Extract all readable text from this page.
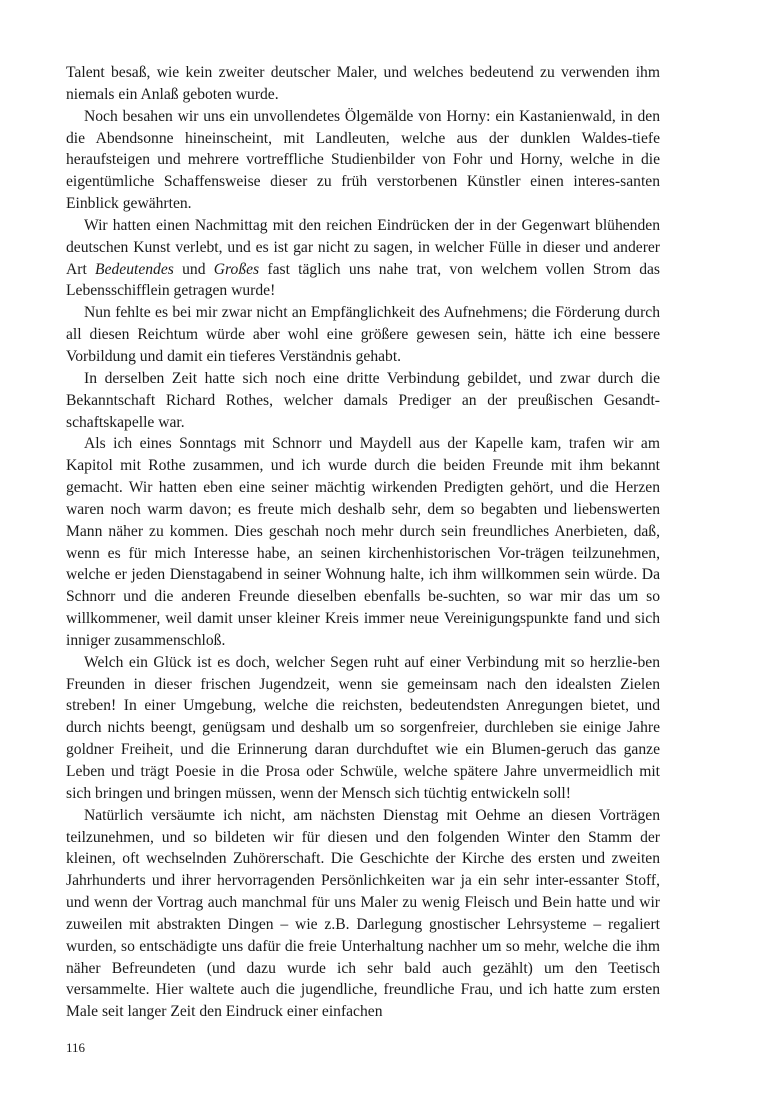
Talent besaß, wie kein zweiter deutscher Maler, und welches bedeutend zu verwenden ihm niemals ein Anlaß geboten wurde.

Noch besahen wir uns ein unvollendetes Ölgemälde von Horny: ein Kastanienwald, in den die Abendsonne hineinscheint, mit Landleuten, welche aus der dunklen Waldes-tiefe heraufsteigen und mehrere vortreffliche Studienbilder von Fohr und Horny, welche in die eigentümliche Schaffensweise dieser zu früh verstorbenen Künstler einen interes-santen Einblick gewährten.

Wir hatten einen Nachmittag mit den reichen Eindrücken der in der Gegenwart blühenden deutschen Kunst verlebt, und es ist gar nicht zu sagen, in welcher Fülle in dieser und anderer Art Bedeutendes und Großes fast täglich uns nahe trat, von welchem vollen Strom das Lebensschifflein getragen wurde!

Nun fehlte es bei mir zwar nicht an Empfänglichkeit des Aufnehmens; die Förderung durch all diesen Reichtum würde aber wohl eine größere gewesen sein, hätte ich eine bessere Vorbildung und damit ein tieferes Verständnis gehabt.

In derselben Zeit hatte sich noch eine dritte Verbindung gebildet, und zwar durch die Bekanntschaft Richard Rothes, welcher damals Prediger an der preußischen Gesandt-schaftskapelle war.

Als ich eines Sonntags mit Schnorr und Maydell aus der Kapelle kam, trafen wir am Kapitol mit Rothe zusammen, und ich wurde durch die beiden Freunde mit ihm bekannt gemacht. Wir hatten eben eine seiner mächtig wirkenden Predigten gehört, und die Herzen waren noch warm davon; es freute mich deshalb sehr, dem so begabten und liebenswerten Mann näher zu kommen. Dies geschah noch mehr durch sein freundliches Anerbieten, daß, wenn es für mich Interesse habe, an seinen kirchenhistorischen Vor-trägen teilzunehmen, welche er jeden Dienstagabend in seiner Wohnung halte, ich ihm willkommen sein würde. Da Schnorr und die anderen Freunde dieselben ebenfalls be-suchten, so war mir das um so willkommener, weil damit unser kleiner Kreis immer neue Vereinigungspunkte fand und sich inniger zusammenschloß.

Welch ein Glück ist es doch, welcher Segen ruht auf einer Verbindung mit so herzlie-ben Freunden in dieser frischen Jugendzeit, wenn sie gemeinsam nach den idealsten Zielen streben! In einer Umgebung, welche die reichsten, bedeutendsten Anregungen bietet, und durch nichts beengt, genügsam und deshalb um so sorgenfreier, durchleben sie einige Jahre goldner Freiheit, und die Erinnerung daran durchduftet wie ein Blumen-geruch das ganze Leben und trägt Poesie in die Prosa oder Schwüle, welche spätere Jahre unvermeidlich mit sich bringen und bringen müssen, wenn der Mensch sich tüchtig entwickeln soll!

Natürlich versäumte ich nicht, am nächsten Dienstag mit Oehme an diesen Vorträgen teilzunehmen, und so bildeten wir für diesen und den folgenden Winter den Stamm der kleinen, oft wechselnden Zuhörerschaft. Die Geschichte der Kirche des ersten und zweiten Jahrhunderts und ihrer hervorragenden Persönlichkeiten war ja ein sehr inter-essanter Stoff, und wenn der Vortrag auch manchmal für uns Maler zu wenig Fleisch und Bein hatte und wir zuweilen mit abstrakten Dingen – wie z.B. Darlegung gnostischer Lehrsysteme – regaliert wurden, so entschädigte uns dafür die freie Unterhaltung nachher um so mehr, welche die ihm näher Befreundeten (und dazu wurde ich sehr bald auch gezählt) um den Teetisch versammelte. Hier waltete auch die jugendliche, freundliche Frau, und ich hatte zum ersten Male seit langer Zeit den Eindruck einer einfachen

116
